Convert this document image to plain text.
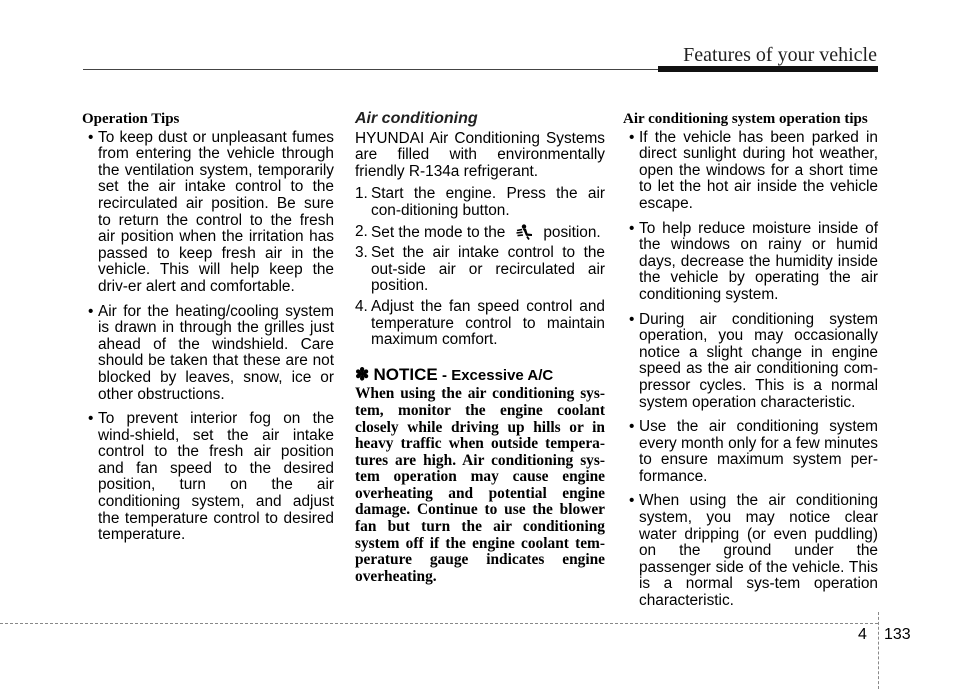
Features of your vehicle
Operation Tips
• To keep dust or unpleasant fumes from entering the vehicle through the ventilation system, temporarily set the air intake control to the recirculated air position. Be sure to return the control to the fresh air position when the irritation has passed to keep fresh air in the vehicle. This will help keep the driv-er alert and comfortable.
• Air for the heating/cooling system is drawn in through the grilles just ahead of the windshield. Care should be taken that these are not blocked by leaves, snow, ice or other obstructions.
• To prevent interior fog on the wind-shield, set the air intake control to the fresh air position and fan speed to the desired position, turn on the air conditioning system, and adjust the temperature control to desired temperature.
Air conditioning

HYUNDAI Air Conditioning Systems are filled with environmentally friendly R-134a refrigerant.

1. Start the engine. Press the air con-ditioning button.
2. Set the mode to the position.
3. Set the air intake control to the out-side air or recirculated air position.
4. Adjust the fan speed control and temperature control to maintain maximum comfort.
✽ NOTICE - Excessive A/C

When using the air conditioning sys-tem, monitor the engine coolant closely while driving up hills or in heavy traffic when outside tempera-tures are high. Air conditioning sys-tem operation may cause engine overheating and potential engine damage. Continue to use the blower fan but turn the air conditioning system off if the engine coolant tem-perature gauge indicates engine overheating.

Air conditioning system operation tips
• If the vehicle has been parked in direct sunlight during hot weather, open the windows for a short time to let the hot air inside the vehicle escape.
• To help reduce moisture inside of the windows on rainy or humid days, decrease the humidity inside the vehicle by operating the air conditioning system.
• During air conditioning system operation, you may occasionally notice a slight change in engine speed as the air conditioning com-pressor cycles. This is a normal system operation characteristic.
• Use the air conditioning system every month only for a few minutes to ensure maximum system per-formance.
• When using the air conditioning system, you may notice clear water dripping (or even puddling) on the ground under the passenger side of the vehicle. This is a normal sys-tem operation characteristic.
4 133
